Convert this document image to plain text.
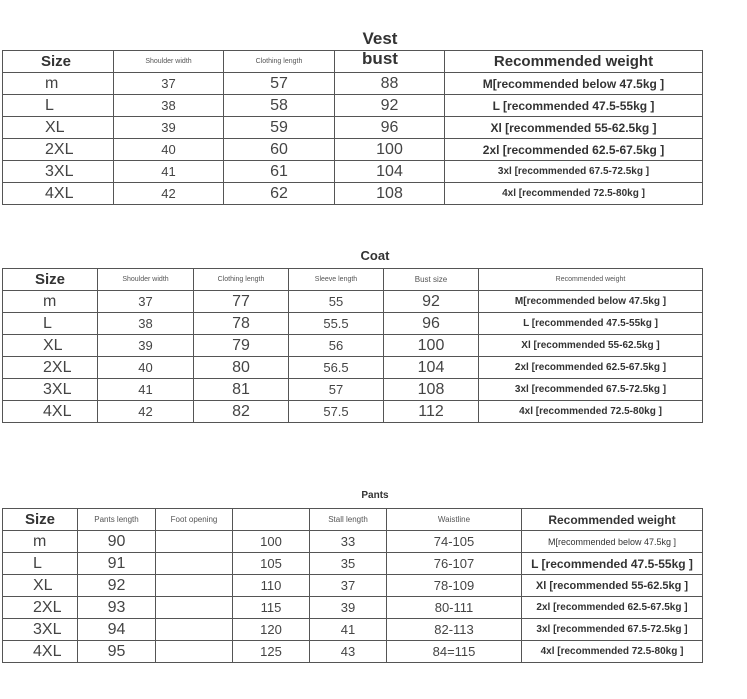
Vest
bust
Size	Shoulder width	Clothing length		Recommended weight
m	37	57	88	M[recommended below 47.5kg ]
L	38	58	92	L [recommended 47.5-55kg ]
XL	39	59	96	Xl [recommended 55-62.5kg ]
2XL	40	60	100	2xl [recommended 62.5-67.5kg ]
3XL	41	61	104	3xl [recommended 67.5-72.5kg ]
4XL	42	62	108	4xl [recommended 72.5-80kg ]
Coat
Size	Shoulder width	Clothing length	Sleeve length	Bust size	Recommended weight
m	37	77	55	92	M[recommended below 47.5kg ]
L	38	78	55.5	96	L [recommended 47.5-55kg ]
XL	39	79	56	100	Xl [recommended 55-62.5kg ]
2XL	40	80	56.5	104	2xl [recommended 62.5-67.5kg ]
3XL	41	81	57	108	3xl [recommended 67.5-72.5kg ]
4XL	42	82	57.5	112	4xl [recommended 72.5-80kg ]
Pants
Size	Pants length	Foot opening		Stall length	Waistline	Recommended weight
m	90		100	33	74-105	M[recommended below 47.5kg ]
L	91		105	35	76-107	L [recommended 47.5-55kg ]
XL	92		110	37	78-109	Xl [recommended 55-62.5kg ]
2XL	93		115	39	80-111	2xl [recommended 62.5-67.5kg ]
3XL	94		120	41	82-113	3xl [recommended 67.5-72.5kg ]
4XL	95		125	43	84=115	4xl [recommended 72.5-80kg ]
